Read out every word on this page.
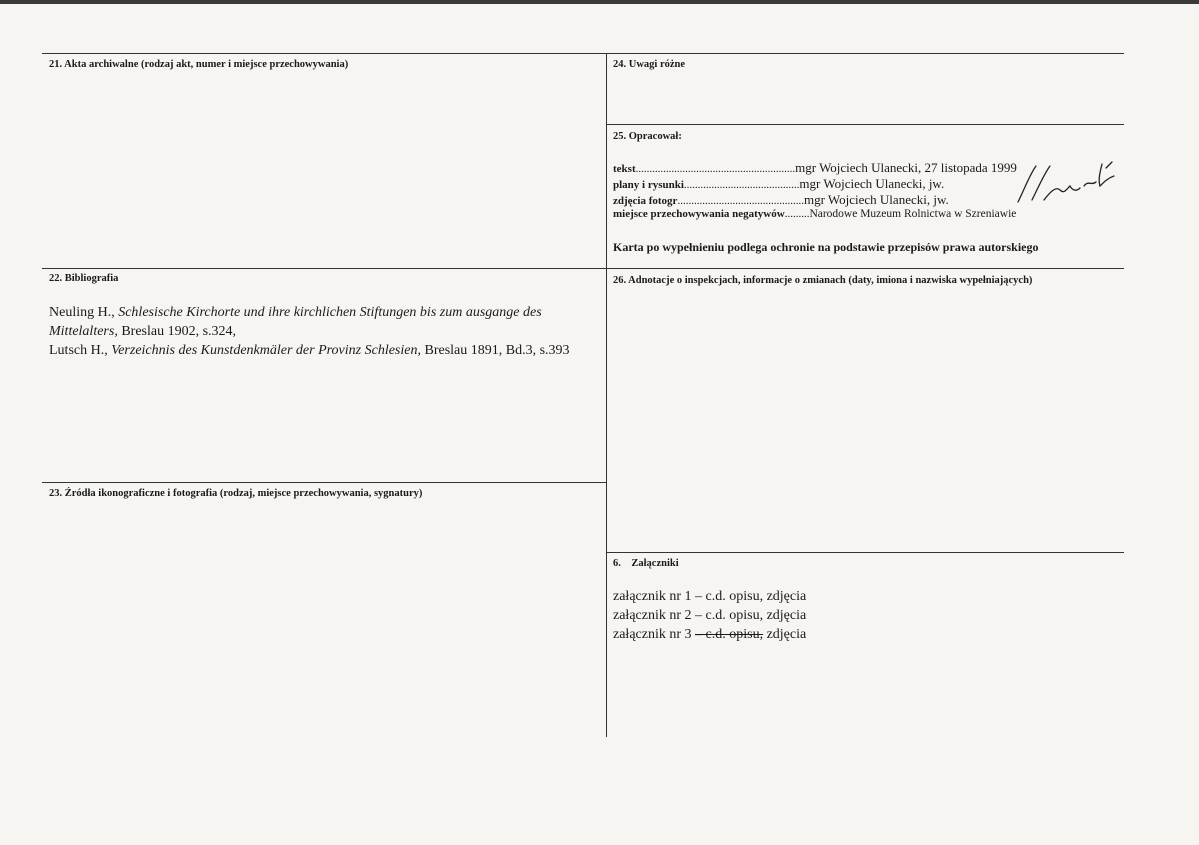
21. Akta archiwalne (rodzaj akt, numer i miejsce przechowywania)	24. Uwagi różne
25. Opracował:
tekst..........................................................mgr Wojciech Ulanecki, 27 listopada 1999
plany i rysunki..........................................mgr Wojciech Ulanecki, jw.
zdjęcia fotogr..............................................mgr Wojciech Ulanecki, jw.
miejsce przechowywania negatywów.........Narodowe Muzeum Rolnictwa w Szreniawie
Karta po wypełnieniu podlega ochronie na podstawie przepisów prawa autorskiego
22. Bibliografia

Neuling H., Schlesische Kirchorte und ihre kirchlichen Stiftungen bis zum ausgange des Mittelalters, Breslau 1902, s.324,

Lutsch H., Verzeichnis des Kunstdenkmäler der Provinz Schlesien, Breslau 1891, Bd.3, s.393

26. Adnotacje o inspekcjach, informacje o zmianach (daty, imiona i nazwiska wypełniających)
23. Źródła ikonograficzne i fotografia (rodzaj, miejsce przechowywania, sygnatury)
6.    Załączniki
załącznik nr 1 – c.d. opisu, zdjęcia
załącznik nr 2 – c.d. opisu, zdjęcia
załącznik nr 3 – c.d. opisu, zdjęcia
